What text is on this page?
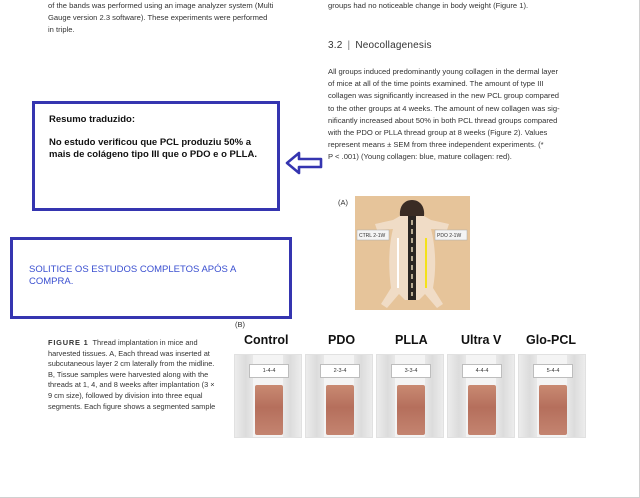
of the bands was performed using an image analyzer system (Multi
Gauge version 2.3 software). These experiments were performed
in triple.
groups had no noticeable change in body weight (Figure 1).
3.2 | Neocollagenesis
All groups induced predominantly young collagen in the dermal layer
of mice at all of the time points examined. The amount of type III
collagen was significantly increased in the new PCL group compared
to the other groups at 4 weeks. The amount of new collagen was sig-
nificantly increased about 50% in both PCL thread groups compared
with the PDO or PLLA thread group at 8 weeks (Figure 2). Values
represent means ± SEM from three independent experiments. (*
P < .001) (Young collagen: blue, mature collagen: red).
Resumo traduzido:
No estudo verificou que PCL produziu 50% a mais de colágeno tipo III que o PDO e o PLLA.
SOLITICE OS ESTUDOS COMPLETOS APÓS A COMPRA.
(A)
CTRL 2-1W	PDO 2-1W
(B)
FIGURE 1 Thread implantation in mice and harvested tissues. A, Each thread was inserted at subcutaneous layer 2 cm laterally from the midline. B, Tissue samples were harvested along with the threads at 1, 4, and 8 weeks after implantation (3 × 9 cm size), followed by division into three equal segments. Each figure shows a segmented sample
Control	PDO	PLLA	Ultra V Glo-PCL
1-4-4	2-3-4	3-3-4	4-4-4	5-4-4
